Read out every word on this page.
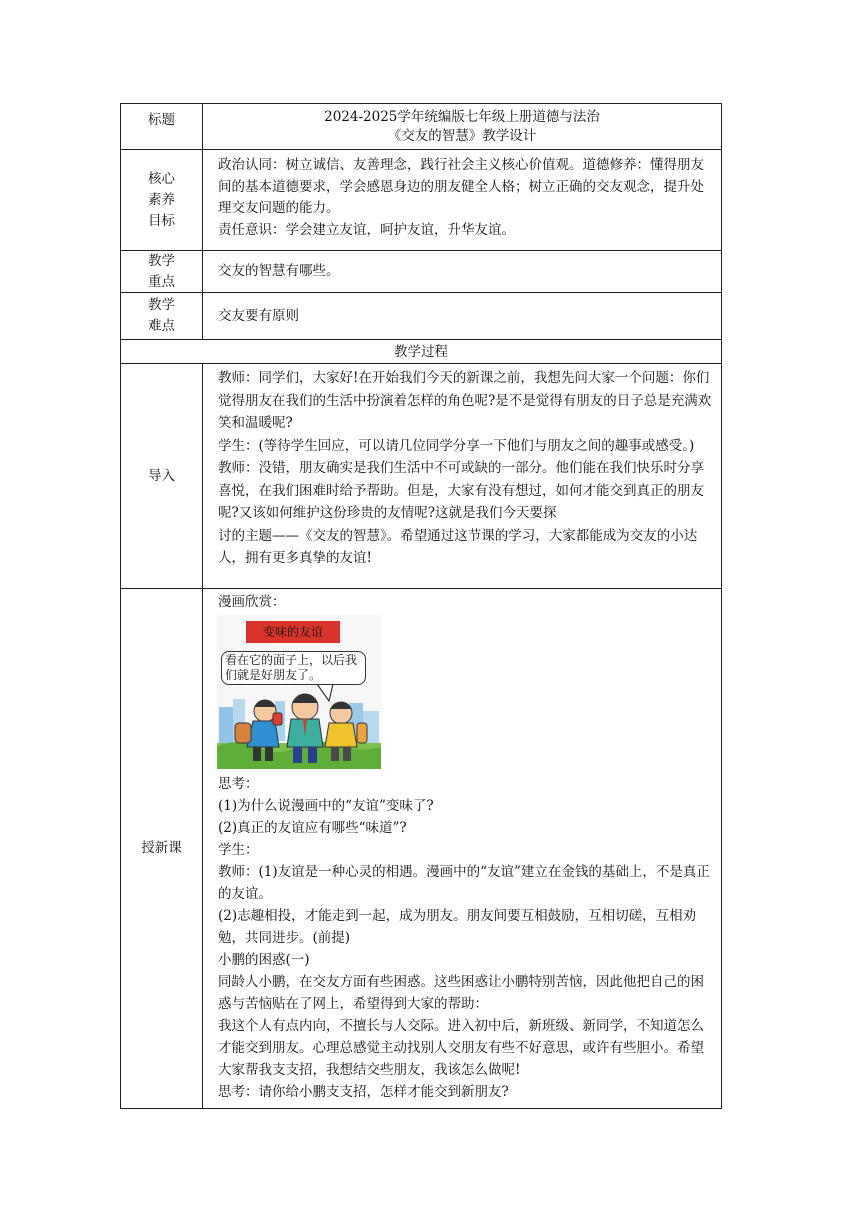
标题	2024-2025学年统编版七年级上册道德与法治

《交友的智慧》教学设计

核心

素养

目标

政治认同：树立诚信、友善理念，践行社会主义核心价值观。道德修养：懂得朋友间的基本道德要求，学会感恩身边的朋友健全人格；树立正确的交友观念，提升处理交友问题的能力。

责任意识：学会建立友谊，呵护友谊，升华友谊。

教学

重点

交友的智慧有哪些。

教学

难点

交友要有原则

教学过程
导入

教师：同学们，大家好!在开始我们今天的新课之前，我想先问大家一个问题：你们觉得朋友在我们的生活中扮演着怎样的角色呢?是不是觉得有朋友的日子总是充满欢笑和温暖呢?

学生：(等待学生回应，可以请几位同学分享一下他们与朋友之间的趣事或感受。)

教师：没错，朋友确实是我们生活中不可或缺的一部分。他们能在我们快乐时分享喜悦，在我们困难时给予帮助。但是，大家有没有想过，如何才能交到真正的朋友呢?又该如何维护这份珍贵的友情呢?这就是我们今天要探

讨的主题——《交友的智慧》。希望通过这节课的学习，大家都能成为交友的小达人，拥有更多真挚的友谊!

授新课

漫画欣赏：

变味的友谊
看在它的面子上，以后我们就是好朋友了。

思考：

(1)为什么说漫画中的“友谊”变味了?

(2)真正的友谊应有哪些“味道”?

学生：

教师：(1)友谊是一种心灵的相遇。漫画中的“友谊”建立在金钱的基础上，不是真正的友谊。

(2)志趣相投，才能走到一起，成为朋友。朋友间要互相鼓励，互相切磋，互相劝勉，共同进步。(前提)

小鹏的困惑(一)

同龄人小鹏，在交友方面有些困惑。这些困惑让小鹏特别苦恼，因此他把自己的困惑与苦恼贴在了网上，希望得到大家的帮助：

我这个人有点内向，不擅长与人交际。进入初中后，新班级、新同学，不知道怎么才能交到朋友。心理总感觉主动找别人交朋友有些不好意思，或许有些胆小。希望大家帮我支支招，我想结交些朋友，我该怎么做呢!

思考：请你给小鹏支支招，怎样才能交到新朋友?
